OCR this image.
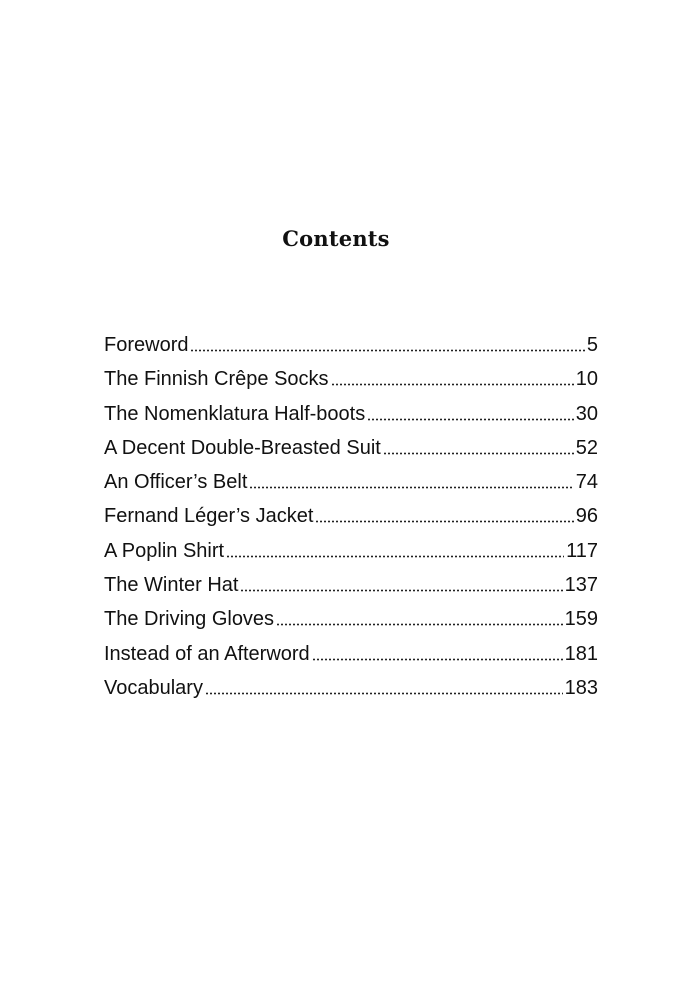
Contents
Foreword	5
The Finnish Crêpe Socks	10
The Nomenklatura Half-boots	30
A Decent Double-Breasted Suit	52
An Officer’s Belt	74
Fernand Léger’s Jacket	96
A Poplin Shirt	117
The Winter Hat	137
The Driving Gloves	159
Instead of an Afterword	181
Vocabulary	183
